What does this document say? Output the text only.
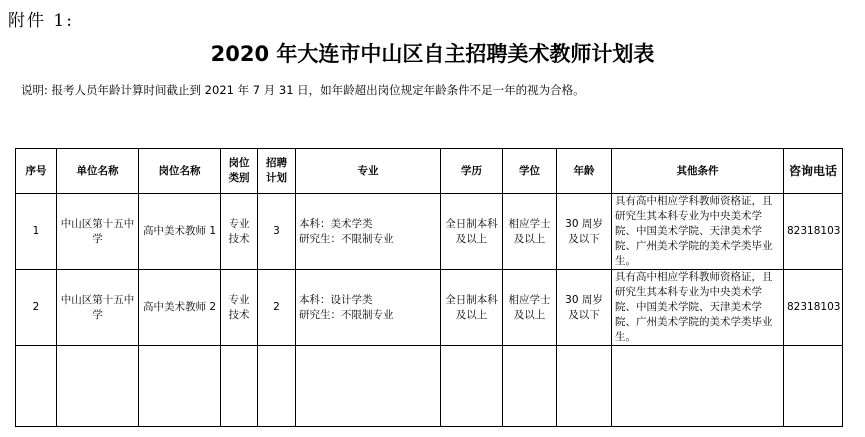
附件 1:
2020 年大连市中山区自主招聘美术教师计划表
说明: 报考人员年龄计算时间截止到 2021 年 7 月 31 日，如年龄超出岗位规定年龄条件不足一年的视为合格。
序号	单位名称	岗位名称	岗位类别	招聘计划	专业	学历	学位	年龄	其他条件	咨询电话
1	中山区第十五中学	高中美术教师 1	专业技术	3	本科：美术学类
研究生：不限制专业	全日制本科及以上	相应学士及以上	30 周岁及以下	具有高中相应学科教师资格证，且研究生其本科专业为中央美术学院、中国美术学院、天津美术学院、广州美术学院的美术学类毕业生。	82318103
2	中山区第十五中学	高中美术教师 2	专业技术	2	本科：设计学类
研究生：不限制专业	全日制本科及以上	相应学士及以上	30 周岁及以下	具有高中相应学科教师资格证，且研究生其本科专业为中央美术学院、中国美术学院、天津美术学院、广州美术学院的美术学类毕业生。	82318103
